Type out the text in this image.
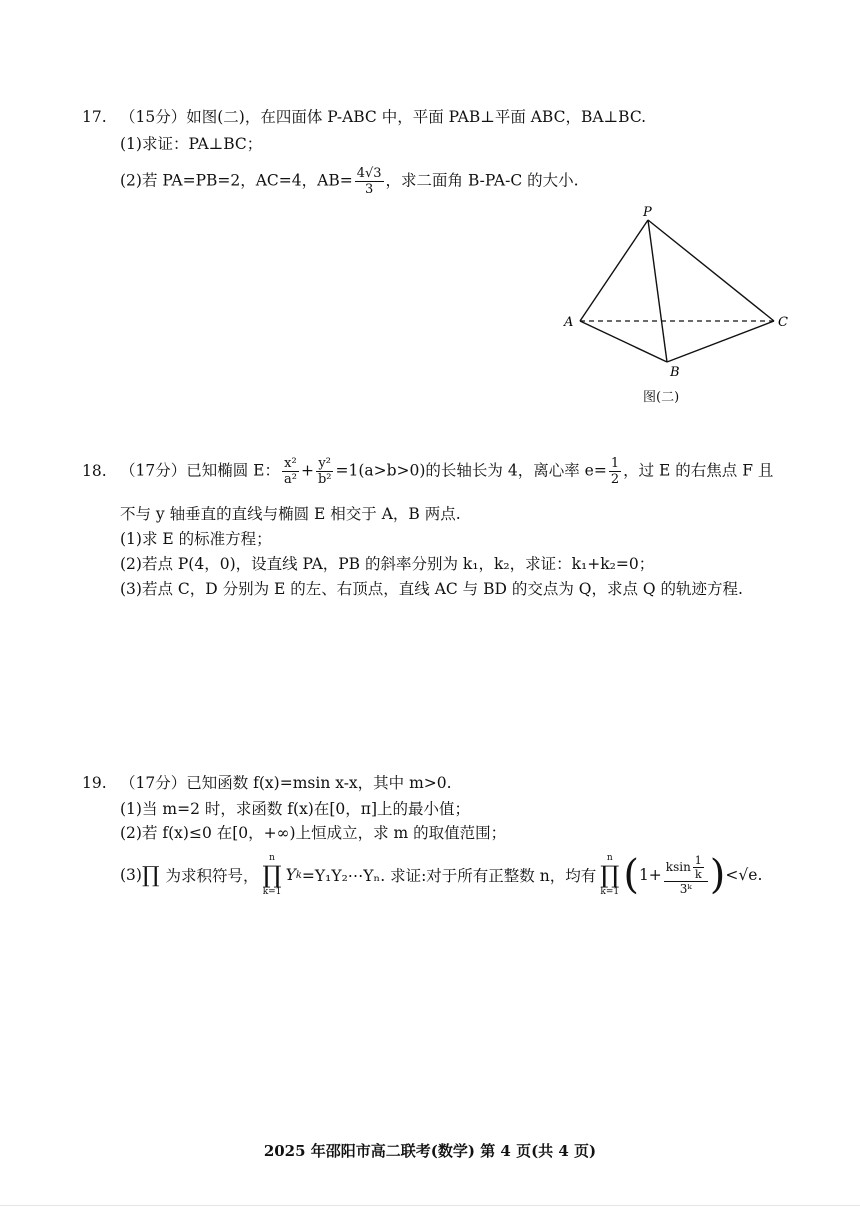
17. （15分）如图(二)，在四面体 P-ABC 中，平面 PAB⊥平面 ABC，BA⊥BC.
(1)求证：PA⊥BC；
(2)若 PA=PB=2，AC=4，$AB= \frac{4√3}{3}$ ，求二面角 B-PA-C 的大小.
P
A	C
B
图(二)
18. （17分）已知椭圆 E： $\frac{\text{x²}}{\text{a²}} + \frac{\text{y²}}{\text{b²}} =1(a>b>0)$的长轴长为 4，离心率 $e= \frac{1}{2}$ ，过 E 的右焦点 F 且
不与 y 轴垂直的直线与椭圆 E 相交于 A，B 两点.
(1)求 E 的标准方程；
(2)若点 P(4，0)，设直线 PA，PB 的斜率分别为 k₁，k₂，求证：k₁+k₂=0；
(3)若点 C，D 分别为 E 的左、右顶点，直线 AC 与 BD 的交点为 Q，求点 Q 的轨迹方程.
19. （17分）已知函数 f(x)=msin x-x，其中 m>0.
(1)当 m=2 时，求函数 f(x)在[0，π]上的最小值；
(2)若 f(x)≤0 在[0，+∞)上恒成立，求 m 的取值范围；
(3) ∏ 为求积符号，
n
∏
k=1
Y k =Y₁Y₂⋯Yₙ. 求证:对于所有正整数 n，均有
n
∏
k=1 ( $1+ \frac{ksin \frac{1}{k}}{\text{3ᵏ}}$ ) <√e.
2025 年邵阳市高二联考(数学) 第 4 页(共 4 页)
